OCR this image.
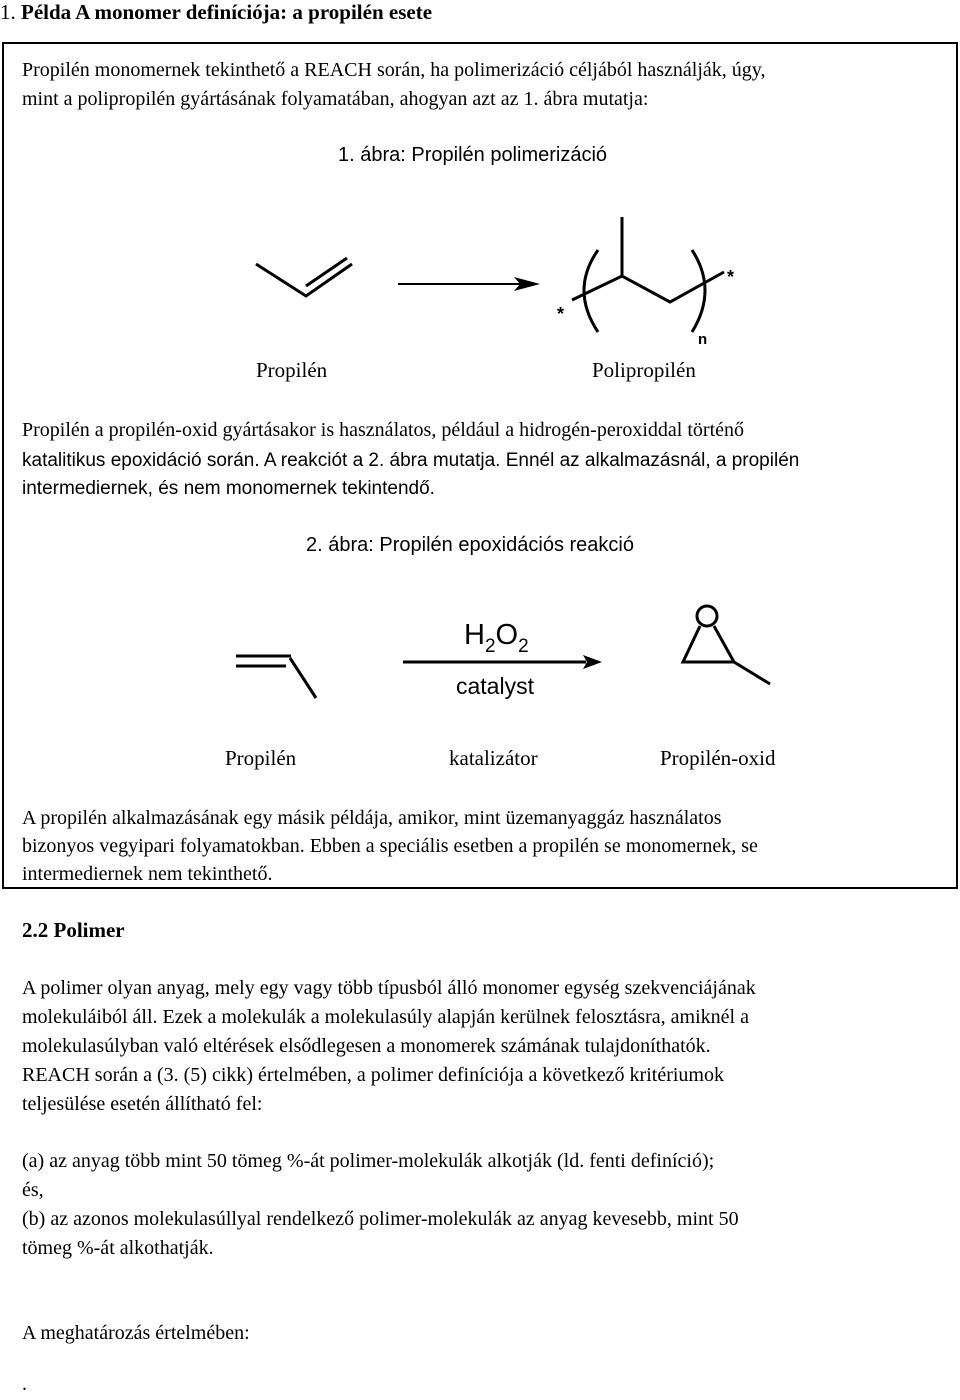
1. Példa A monomer definíciója: a propilén esete
Propilén monomernek tekinthető a REACH során, ha polimerizáció céljából használják, úgy,
mint a polipropilén gyártásának folyamatában, ahogyan azt az 1. ábra mutatja:
1. ábra: Propilén polimerizáció
*
*
n
Propilén	Polipropilén
Propilén a propilén-oxid gyártásakor is használatos, például a hidrogén-peroxiddal történő
katalitikus epoxidáció során. A reakciót a 2. ábra mutatja. Ennél az alkalmazásnál, a propilén
intermediernek, és nem monomernek tekintendő.
2. ábra: Propilén epoxidációs reakció
$H_2O_2$
catalyst
Propilén	katalizátor	Propilén-oxid
A propilén alkalmazásának egy másik példája, amikor, mint üzemanyaggáz használatos
bizonyos vegyipari folyamatokban. Ebben a speciális esetben a propilén se monomernek, se
intermediernek nem tekinthető.
2.2 Polimer
A polimer olyan anyag, mely egy vagy több típusból álló monomer egység szekvenciájának
molekuláiból áll. Ezek a molekulák a molekulasúly alapján kerülnek felosztásra, amiknél a
molekulasúlyban való eltérések elsődlegesen a monomerek számának tulajdoníthatók.
REACH során a (3. (5) cikk) értelmében, a polimer definíciója a következő kritériumok
teljesülése esetén állítható fel:
(a) az anyag több mint 50 tömeg %-át polimer-molekulák alkotják (ld. fenti definíció);
és,
(b) az azonos molekulasúllyal rendelkező polimer-molekulák az anyag kevesebb, mint 50
tömeg %-át alkothatják.
A meghatározás értelmében:
.
